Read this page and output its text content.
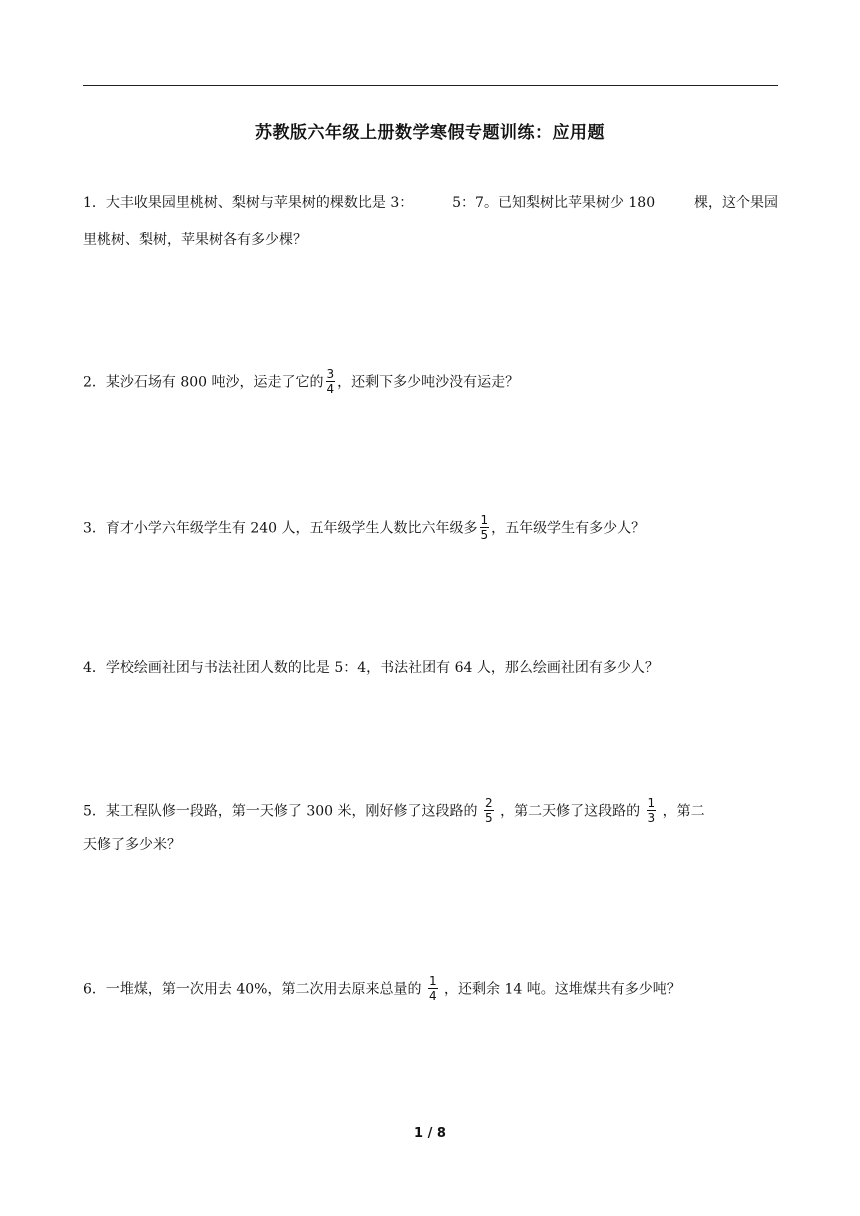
苏教版六年级上册数学寒假专题训练：应用题
1．大丰收果园里桃树、梨树与苹果树的棵数比是 3：	5：7。已知梨树比苹果树少 180	棵，这个果园
里桃树、梨树，苹果树各有多少棵？
2．某沙石场有 800 吨沙，运走了它的 $\frac{3}{4}$ ，还剩下多少吨沙没有运走？
3．育才小学六年级学生有 240 人，五年级学生人数比六年级多 $\frac{1}{5}$ ，五年级学生有多少人？
4．学校绘画社团与书法社团人数的比是 5：4，书法社团有 64 人，那么绘画社团有多少人？
5．某工程队修一段路，第一天修了 300 米，刚好修了这段路的 $\frac{2}{5}$ ，第二天修了这段路的 $\frac{1}{3}$ ，第二
天修了多少米？
6．一堆煤，第一次用去 40%，第二次用去原来总量的 $\frac{1}{4}$ ，还剩余 14 吨。这堆煤共有多少吨？
1 / 8
